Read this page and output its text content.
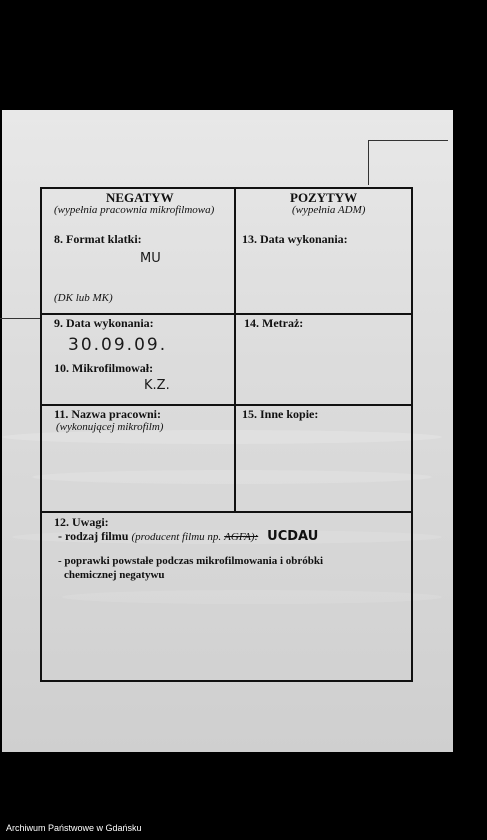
NEGATYW
(wypełnia pracownia mikrofilmowa)
8. Format klatki:
MU
(DK lub MK)
9. Data wykonania:
30.09.09.
10. Mikrofilmował:
K.Z.
11. Nazwa pracowni:
(wykonującej mikrofilm)
POZYTYW
(wypełnia ADM)
13. Data wykonania:
14. Metraż:
15. Inne kopie:
12. Uwagi:
- rodzaj filmu (producent filmu np. AGFA): UCDAU
- poprawki powstałe podczas mikrofilmowania i obróbki
chemicznej negatywu
Archiwum Państwowe w Gdańsku
